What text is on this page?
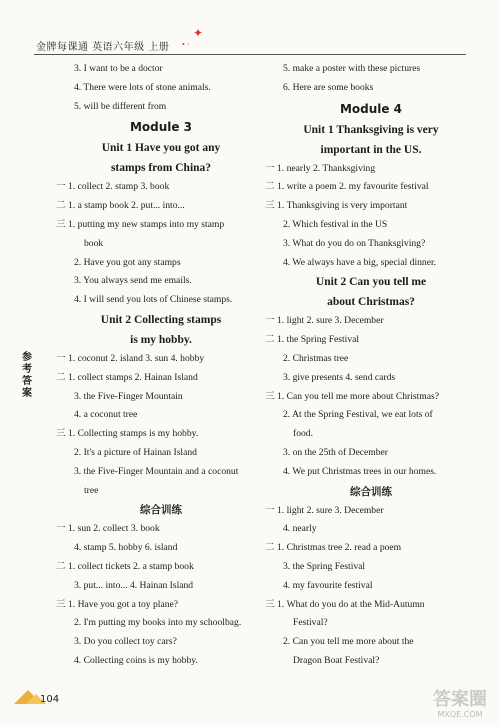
金牌每课通 英语六年级 上册
✦
• ·
参考答案
3. I want to be a doctor
4. There were lots of stone animals.
5. will be different from
Module 3
Unit 1 Have you got any
stamps from China?
一 1. collect 2. stamp 3. book
二 1. a stamp book 2. put... into...
三 1. putting my new stamps into my stamp
book
2. Have you got any stamps
3. You always send me emails.
4. I will send you lots of Chinese stamps.
Unit 2 Collecting stamps
is my hobby.
一 1. coconut 2. island 3. sun 4. hobby
二 1. collect stamps 2. Hainan Island
3. the Five-Finger Mountain
4. a coconut tree
三 1. Collecting stamps is my hobby.
2. It's a picture of Hainan Island
3. the Five-Finger Mountain and a coconut
tree
综合训练
一 1. sun 2. collect 3. book
4. stamp 5. hobby 6. island
二 1. collect tickets 2. a stamp book
3. put... into... 4. Hainan Island
三 1. Have you got a toy plane?
2. I'm putting my books into my schoolbag.
3. Do you collect toy cars?
4. Collecting coins is my hobby.
5. make a poster with these pictures
6. Here are some books
Module 4
Unit 1 Thanksgiving is very
important in the US.
一 1. nearly 2. Thanksgiving
二 1. write a poem 2. my favourite festival
三 1. Thanksgiving is very important
2. Which festival in the US
3. What do you do on Thanksgiving?
4. We always have a big, special dinner.
Unit 2 Can you tell me
about Christmas?
一 1. light 2. sure 3. December
二 1. the Spring Festival
2. Christmas tree
3. give presents 4. send cards
三 1. Can you tell me more about Christmas?
2. At the Spring Festival, we eat lots of
food.
3. on the 25th of December
4. We put Christmas trees in our homes.
综合训练
一 1. light 2. sure 3. December
4. nearly
二 1. Christmas tree 2. read a poem
3. the Spring Festival
4. my favourite festival
三 1. What do you do at the Mid-Autumn
Festival?
2. Can you tell me more about the
Dragon Boat Festival?
104	答案圈
MXQE.COM
